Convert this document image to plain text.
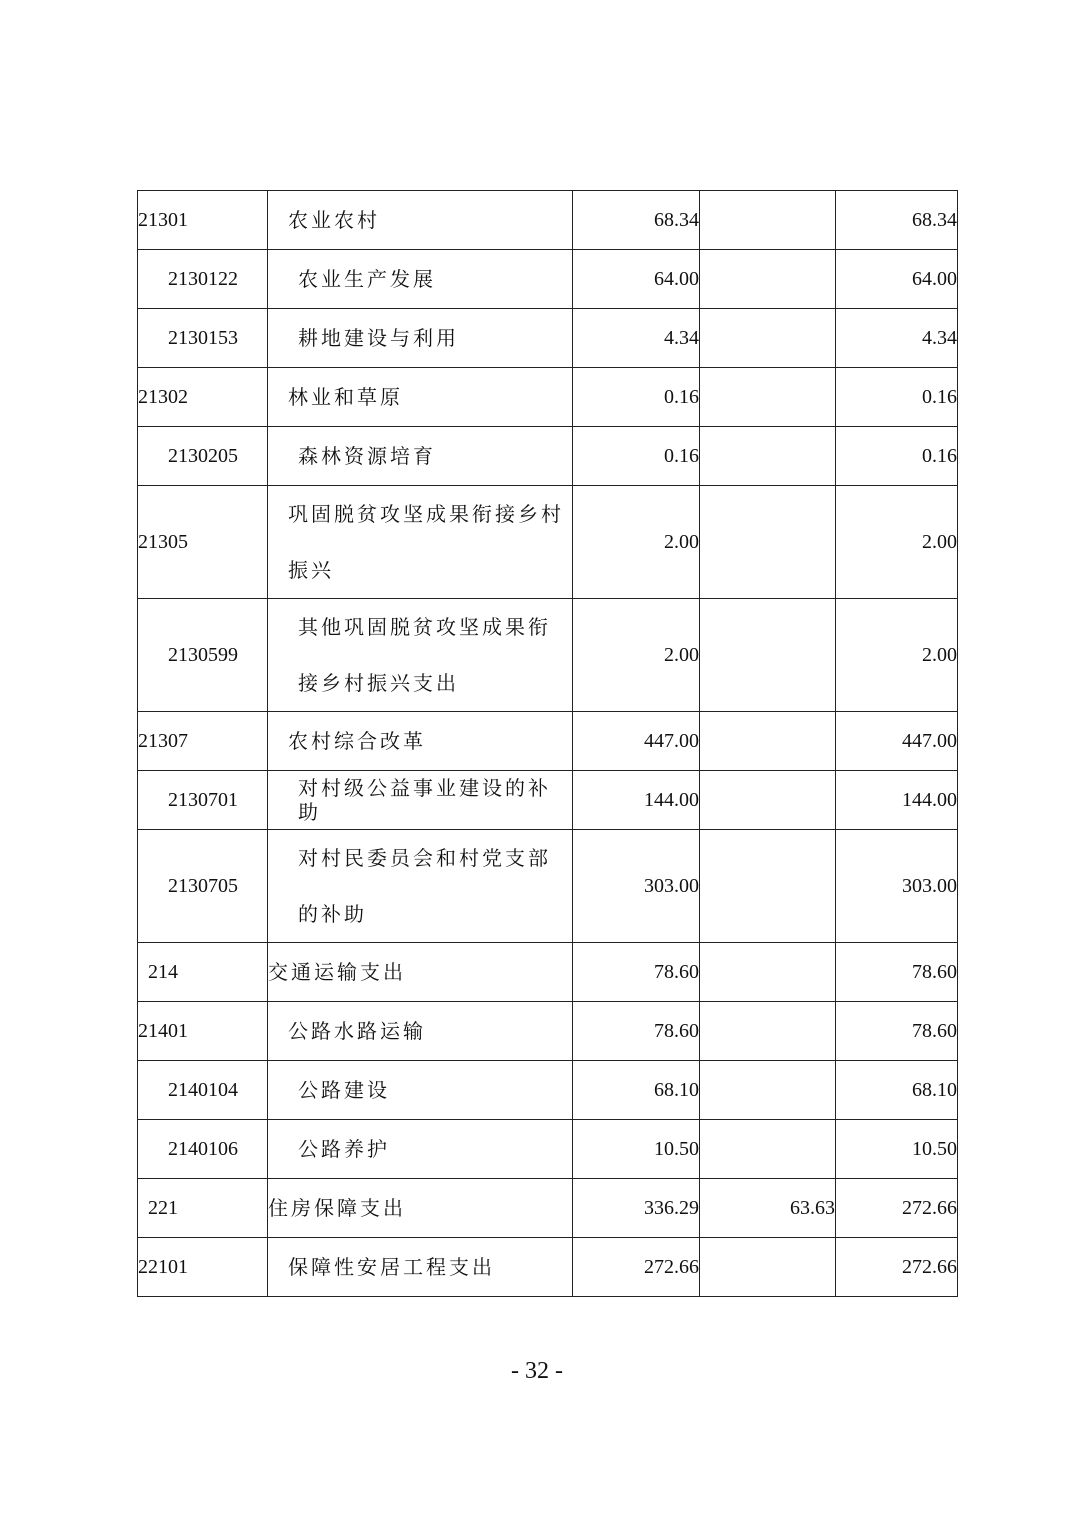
21301	农业农村	68.34		68.34
2130122	农业生产发展	64.00		64.00
2130153	耕地建设与利用	4.34		4.34
21302	林业和草原	0.16		0.16
2130205	森林资源培育	0.16		0.16
21305	巩固脱贫攻坚成果衔接乡村振兴	2.00		2.00
2130599	其他巩固脱贫攻坚成果衔接乡村振兴支出	2.00		2.00
21307	农村综合改革	447.00		447.00
2130701	对村级公益事业建设的补助	144.00		144.00
2130705	对村民委员会和村党支部的补助	303.00		303.00
214	交通运输支出	78.60		78.60
21401	公路水路运输	78.60		78.60
2140104	公路建设	68.10		68.10
2140106	公路养护	10.50		10.50
221	住房保障支出	336.29	63.63	272.66
22101	保障性安居工程支出	272.66		272.66
- 32 -
